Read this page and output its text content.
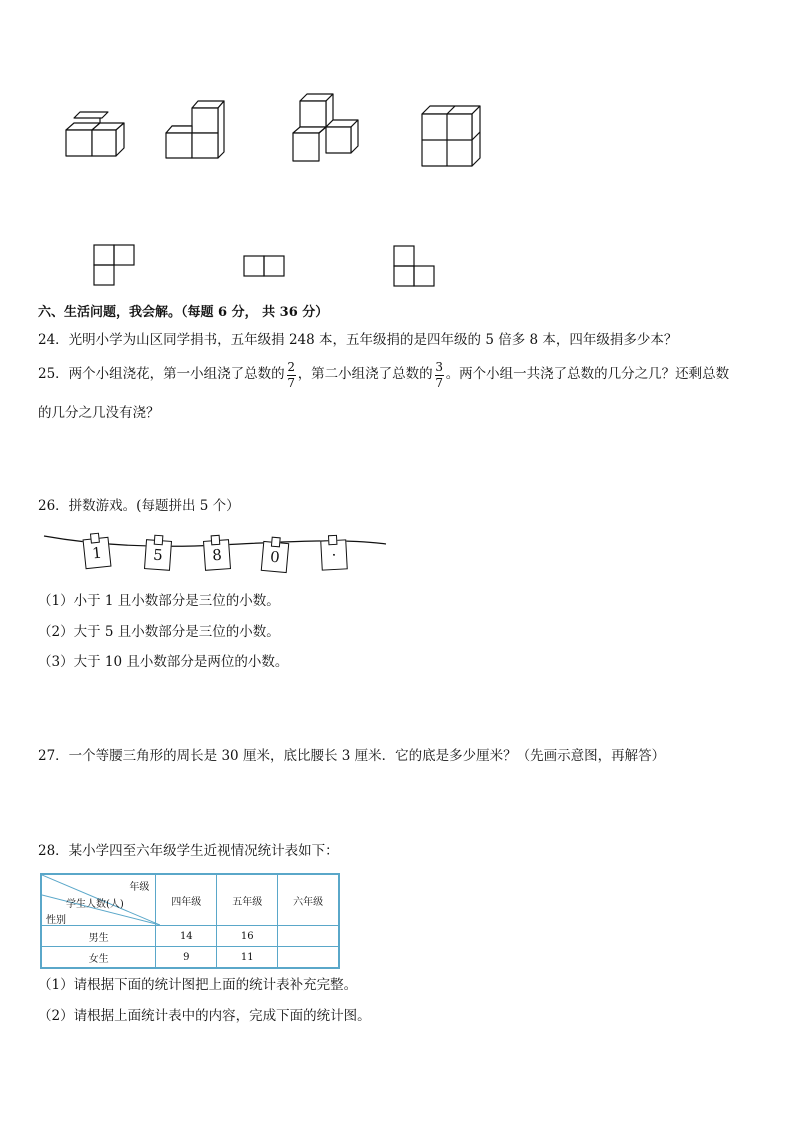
六、生活问题，我会解。（每题 6 分， 共 36 分）
24．光明小学为山区同学捐书，五年级捐 248 本，五年级捐的是四年级的 5 倍多 8 本，四年级捐多少本？
25．两个小组浇花，第一小组浇了总数的 $\frac{2}{7}$ ，第二小组浇了总数的 $\frac{3}{7}$ 。两个小组一共浇了总数的几分之几？还剩总数
的几分之几没有浇？
26．拼数游戏。(每题拼出 5 个）
1	5	8	0	·
（1）小于 1 且小数部分是三位的小数。
（2）大于 5 且小数部分是三位的小数。
（3）大于 10 且小数部分是两位的小数。
27．一个等腰三角形的周长是 30 厘米，底比腰长 3 厘米．它的底是多少厘米？（先画示意图，再解答）
28．某小学四至六年级学生近视情况统计表如下：
年级
学生人数(人)
性别	四年级	五年级	六年级
男生	14	16	
女生	9	11	
（1）请根据下面的统计图把上面的统计表补充完整。
（2）请根据上面统计表中的内容，完成下面的统计图。
